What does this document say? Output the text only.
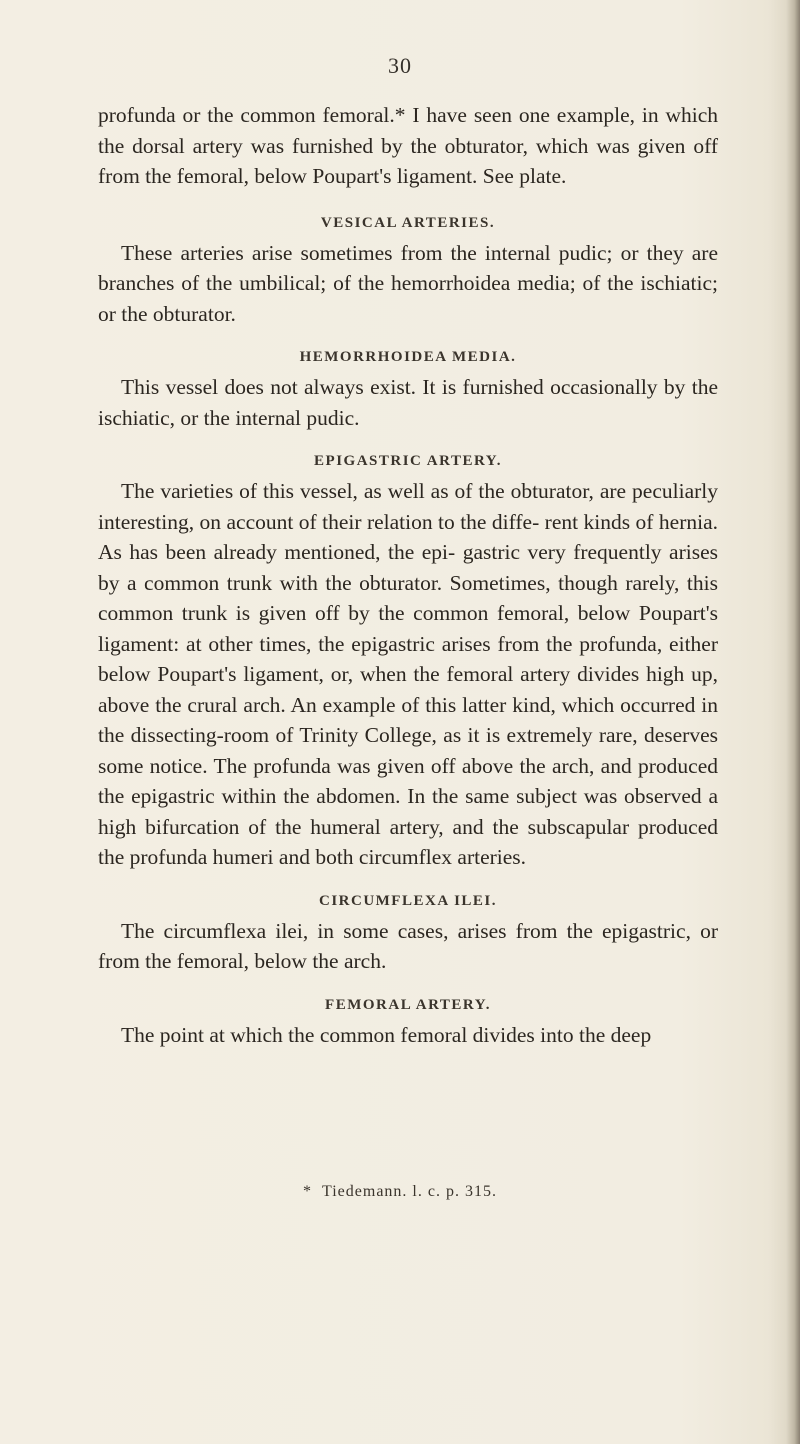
30

profunda or the common femoral.* I have seen one example, in which the dorsal artery was furnished by the obturator, which was given off from the femoral, below Poupart's ligament. See plate.

VESICAL ARTERIES.

These arteries arise sometimes from the internal pudic; or they are branches of the umbilical; of the hemorrhoidea media; of the ischiatic; or the obturator.

HEMORRHOIDEA MEDIA.

This vessel does not always exist. It is furnished occasionally by the ischiatic, or the internal pudic.

EPIGASTRIC ARTERY.

The varieties of this vessel, as well as of the obturator, are peculiarly interesting, on account of their relation to the diffe- rent kinds of hernia. As has been already mentioned, the epi- gastric very frequently arises by a common trunk with the obturator. Sometimes, though rarely, this common trunk is given off by the common femoral, below Poupart's ligament: at other times, the epigastric arises from the profunda, either below Poupart's ligament, or, when the femoral artery divides high up, above the crural arch. An example of this latter kind, which occurred in the dissecting-room of Trinity College, as it is extremely rare, deserves some notice. The profunda was given off above the arch, and produced the epigastric within the abdomen. In the same subject was observed a high bifurcation of the humeral artery, and the subscapular produced the profunda humeri and both circumflex arteries.

CIRCUMFLEXA ILEI.

The circumflexa ilei, in some cases, arises from the epigastric, or from the femoral, below the arch.

FEMORAL ARTERY.

The point at which the common femoral divides into the deep

* Tiedemann. l. c. p. 315.
